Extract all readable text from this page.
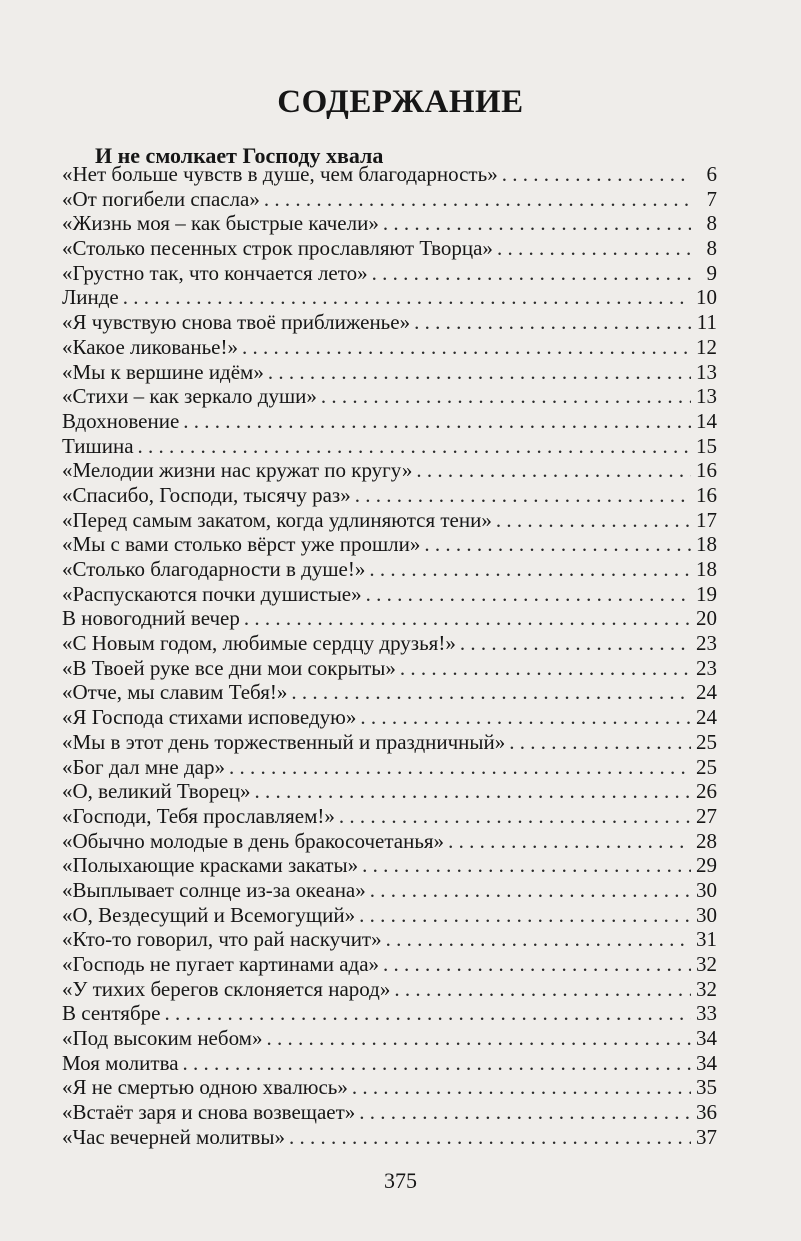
СОДЕРЖАНИЕ
И не смолкает Господу хвала
«Нет больше чувств в душе, чем благодарность» . . .	6
«От погибели спасла» . . .	7
«Жизнь моя – как быстрые качели» . . .	8
«Столько песенных строк прославляют Творца» . . .	8
«Грустно так, что кончается лето» . . .	9
Линде . . .	10
«Я чувствую снова твоё приближенье» . . .	11
«Какое ликованье!» . . .	12
«Мы к вершине идём» . . .	13
«Стихи – как зеркало души» . . .	13
Вдохновение . . .	14
Тишина . . .	15
«Мелодии жизни нас кружат по кругу» . . .	16
«Спасибо, Господи, тысячу раз» . . .	16
«Перед самым закатом, когда удлиняются тени» . . .	17
«Мы с вами столько вёрст уже прошли» . . .	18
«Столько благодарности в душе!» . . .	18
«Распускаются почки душистые» . . .	19
В новогодний вечер . . .	20
«С Новым годом, любимые сердцу друзья!» . . .	23
«В Твоей руке все дни мои сокрыты» . . .	23
«Отче, мы славим Тебя!» . . .	24
«Я Господа стихами исповедую» . . .	24
«Мы в этот день торжественный и праздничный» . . .	25
«Бог дал мне дар» . . .	25
«О, великий Творец» . . .	26
«Господи, Тебя прославляем!» . . .	27
«Обычно молодые в день бракосочетанья» . . .	28
«Полыхающие красками закаты» . . .	29
«Выплывает солнце из-за океана» . . .	30
«О, Вездесущий и Всемогущий» . . .	30
«Кто-то говорил, что рай наскучит» . . .	31
«Господь не пугает картинами ада» . . .	32
«У тихих берегов склоняется народ» . . .	32
В сентябре . . .	33
«Под высоким небом» . . .	34
Моя молитва . . .	34
«Я не смертью одною хвалюсь» . . .	35
«Встаёт заря и снова возвещает» . . .	36
«Час вечерней молитвы» . . .	37
375
